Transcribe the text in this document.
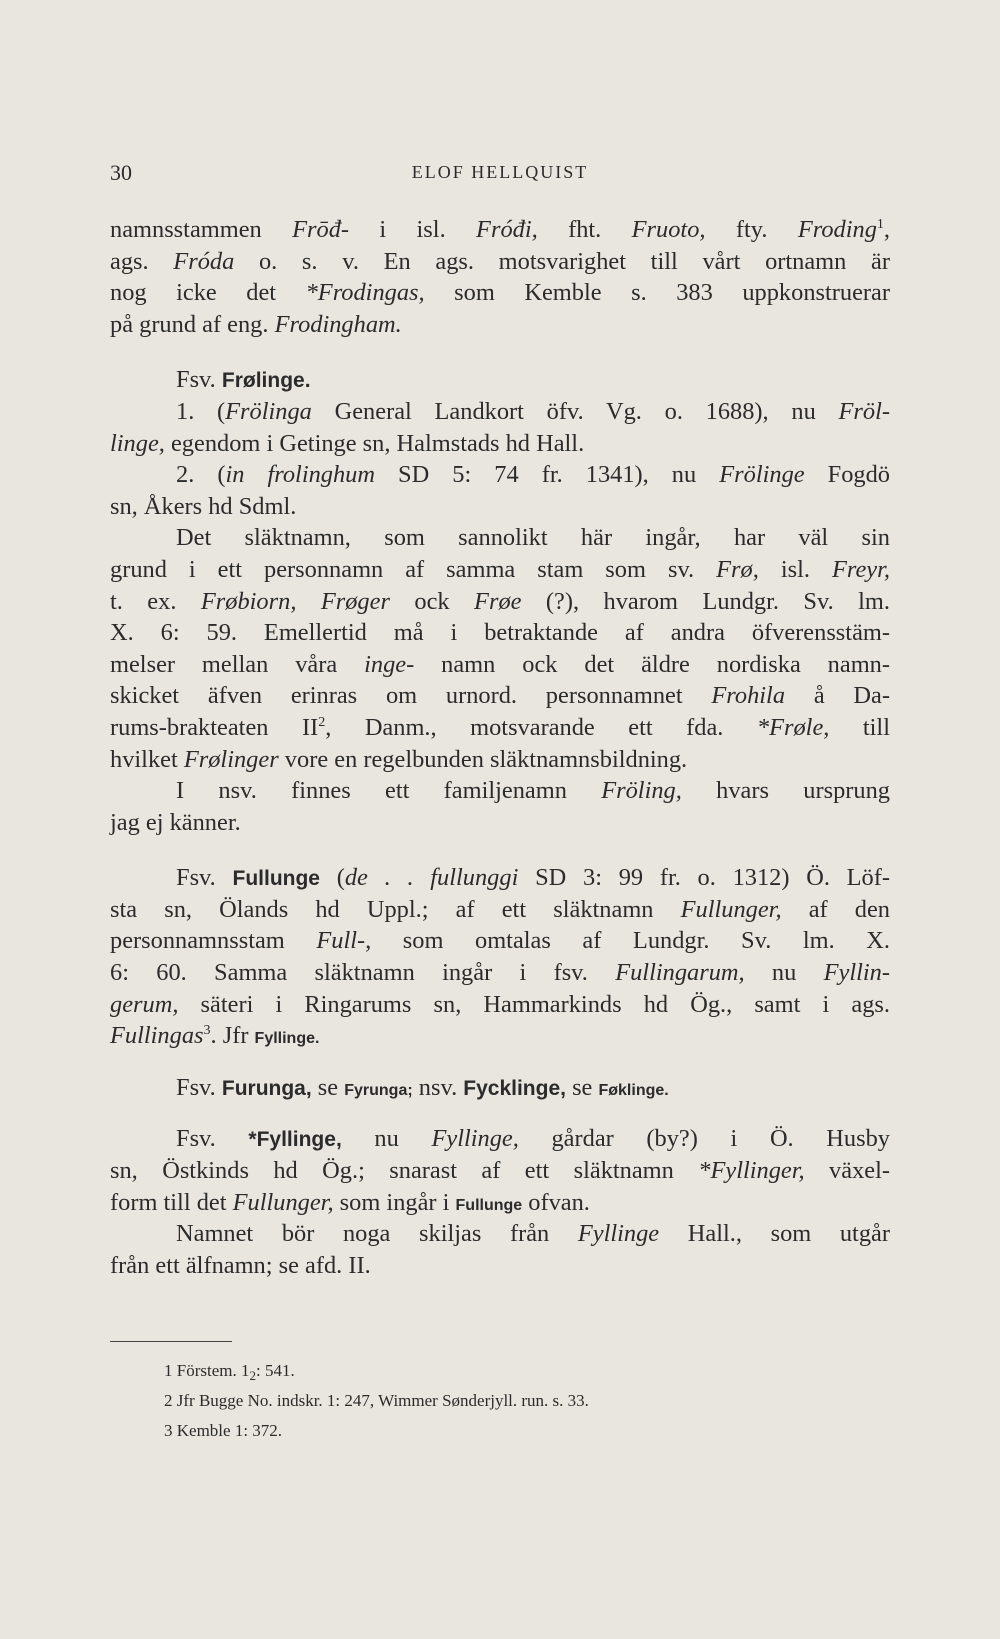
30	ELOF HELLQUIST
namnsstammen Frōđ- i isl. Fróđi, fht. Fruoto, fty. Froding$^1$,
ags. Fróda o. s. v. En ags. motsvarighet till vårt ortnamn är
nog icke det *Frodingas, som Kemble s. 383 uppkonstruerar
på grund af eng. Frodingham.
Fsv. Frølinge.
1. (Frölinga General Landkort öfv. Vg. o. 1688), nu Fröl-
linge, egendom i Getinge sn, Halmstads hd Hall.
2. (in frolinghum SD 5: 74 fr. 1341), nu Frölinge Fogdö
sn, Åkers hd Sdml.
Det släktnamn, som sannolikt här ingår, har väl sin
grund i ett personnamn af samma stam som sv. Frø, isl. Freyr,
t. ex. Frøbiorn, Frøger ock Frøe (?), hvarom Lundgr. Sv. lm.
X. 6: 59. Emellertid må i betraktande af andra öfverensstäm-
melser mellan våra inge- namn ock det äldre nordiska namn-
skicket äfven erinras om urnord. personnamnet Frohila å Da-
rums-brakteaten $II^2$, Danm., motsvarande ett fda. *Frøle, till
hvilket Frølinger vore en regelbunden släktnamnsbildning.
I nsv. finnes ett familjenamn Fröling, hvars ursprung
jag ej känner.
Fsv. Fullunge (de . . fullunggi SD 3: 99 fr. o. 1312) Ö. Löf-
sta sn, Ölands hd Uppl.; af ett släktnamn Fullunger, af den
personnamnsstam Full-, som omtalas af Lundgr. Sv. lm. X.
6: 60. Samma släktnamn ingår i fsv. Fullingarum, nu Fyllin-
gerum, säteri i Ringarums sn, Hammarkinds hd Ög., samt i ags.
Fullingas$^3$. Jfr Fyllinge.
Fsv. Furunga, se Fyrunga; nsv. Fycklinge, se Føklinge.
Fsv. *Fyllinge, nu Fyllinge, gårdar (by?) i Ö. Husby
sn, Östkinds hd Ög.; snarast af ett släktnamn *Fyllinger, växel-
form till det Fullunger, som ingår i Fullunge ofvan.
Namnet bör noga skiljas från Fyllinge Hall., som utgår
från ett älfnamn; se afd. II.
1 Förstem. $1_2$: 541.
2 Jfr Bugge No. indskr. 1: 247, Wimmer Sønderjyll. run. s. 33.
3 Kemble 1: 372.
